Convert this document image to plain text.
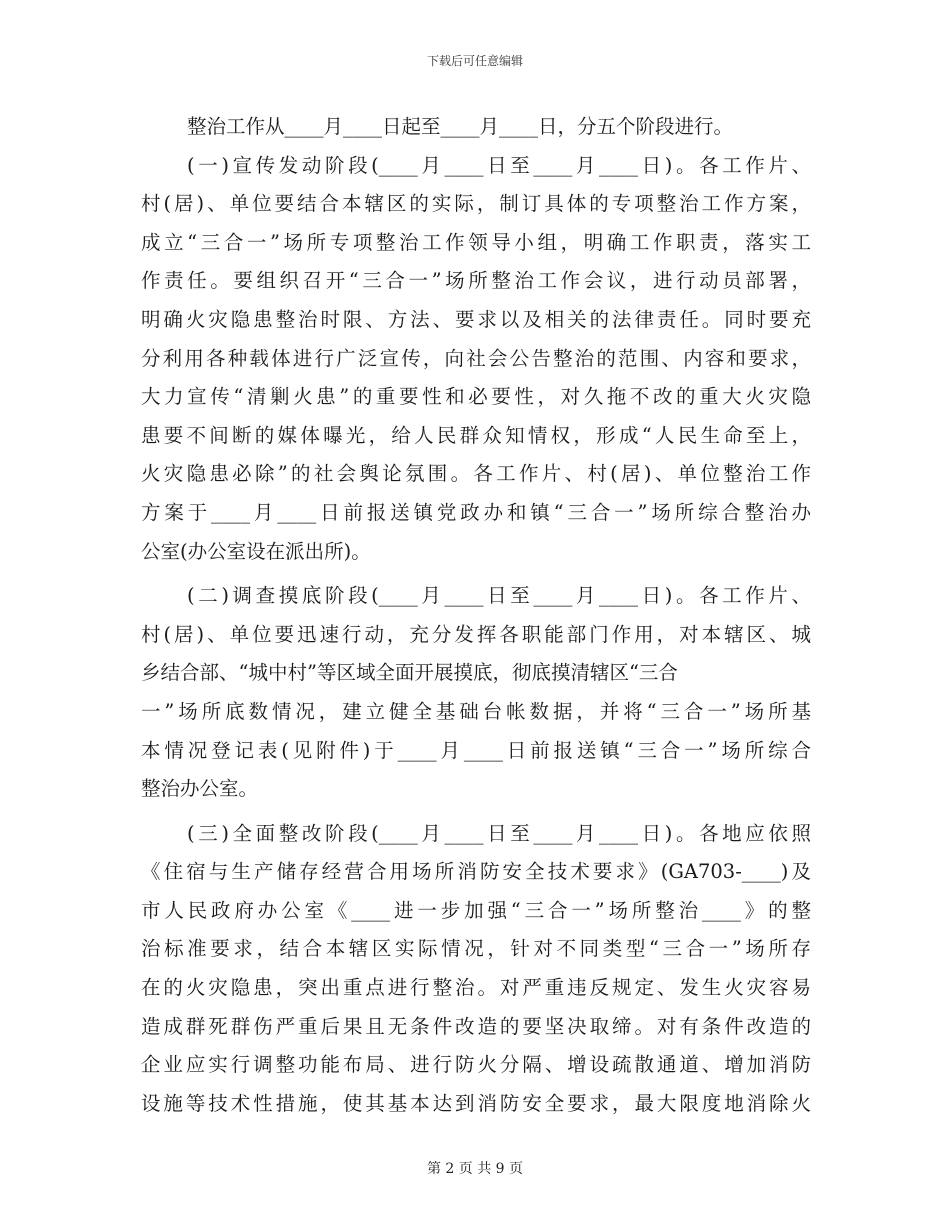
下载后可任意编辑
整治工作从____月____日起至____月____日，分五个阶段进行。
(一)宣传发动阶段(____月____日至____月____日)。各工作片、
村(居)、单位要结合本辖区的实际，制订具体的专项整治工作方案，
成立“三合一”场所专项整治工作领导小组，明确工作职责，落实工
作责任。要组织召开“三合一”场所整治工作会议，进行动员部署，
明确火灾隐患整治时限、方法、要求以及相关的法律责任。同时要充
分利用各种载体进行广泛宣传，向社会公告整治的范围、内容和要求，
大力宣传“清剿火患”的重要性和必要性，对久拖不改的重大火灾隐
患要不间断的媒体曝光，给人民群众知情权，形成“人民生命至上，
火灾隐患必除”的社会舆论氛围。各工作片、村(居)、单位整治工作
方案于____月____日前报送镇党政办和镇“三合一”场所综合整治办
公室(办公室设在派出所)。
(二)调查摸底阶段(____月____日至____月____日)。各工作片、
村(居)、单位要迅速行动，充分发挥各职能部门作用，对本辖区、城
乡结合部、“城中村”等区域全面开展摸底，彻底摸清辖区“三合
一”场所底数情况，建立健全基础台帐数据，并将“三合一”场所基
本情况登记表(见附件)于____月____日前报送镇“三合一”场所综合
整治办公室。
(三)全面整改阶段(____月____日至____月____日)。各地应依照
《住宿与生产储存经营合用场所消防安全技术要求》(GA703-____)及
市人民政府办公室《____进一步加强“三合一”场所整治____》的整
治标准要求，结合本辖区实际情况，针对不同类型“三合一”场所存
在的火灾隐患，突出重点进行整治。对严重违反规定、发生火灾容易
造成群死群伤严重后果且无条件改造的要坚决取缔。对有条件改造的
企业应实行调整功能布局、进行防火分隔、增设疏散通道、增加消防
设施等技术性措施，使其基本达到消防安全要求，最大限度地消除火
第 2 页 共 9 页
